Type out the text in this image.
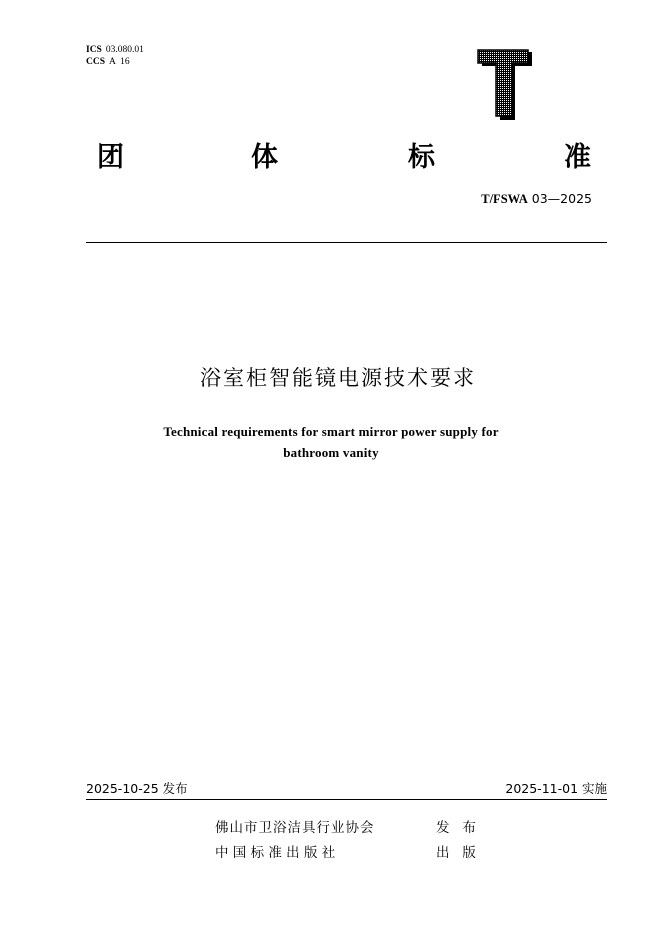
ICS 03.080.01
CCS A  16
团	体	标	准
T/FSWA 03—2025
浴室柜智能镜电源技术要求
Technical requirements for smart mirror power supply for
bathroom vanity
2025-10-25 发布	2025-11-01 实施
佛山市卫浴洁具行业协会	发   布
中 国 标 准 出 版 社	出   版
